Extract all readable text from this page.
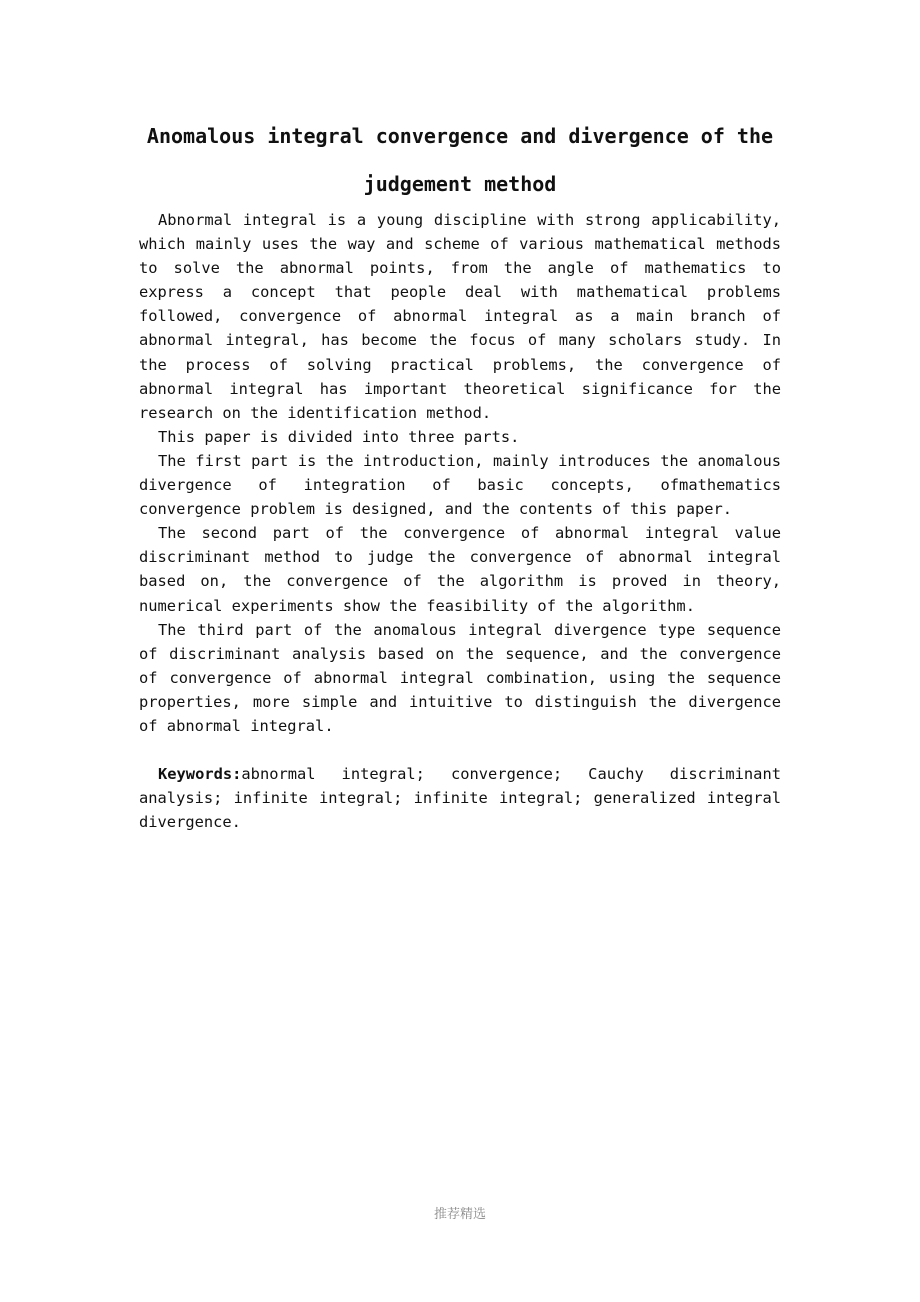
Anomalous integral convergence and divergence of the judgement method

Abnormal integral is a young discipline with strong applicability, which mainly uses the way and scheme of various mathematical methods to solve the abnormal points, from the angle of mathematics to express a concept that people deal with mathematical problems followed, convergence of abnormal integral as a main branch of abnormal integral, has become the focus of many scholars study. In the process of solving practical problems, the convergence of abnormal integral has important theoretical significance for the research on the identification method.

This paper is divided into three parts.

The first part is the introduction, mainly introduces the anomalous divergence of integration of basic concepts, ofmathematics convergence problem is designed, and the contents of this paper.

The second part of the convergence of abnormal integral value discriminant method to judge the convergence of abnormal integral based on, the convergence of the algorithm is proved in theory, numerical experiments show the feasibility of the algorithm.

The third part of the anomalous integral divergence type sequence of discriminant analysis based on the sequence, and the convergence of convergence of abnormal integral combination, using the sequence properties, more simple and intuitive to distinguish the divergence of abnormal integral.

Keywords:abnormal integral; convergence; Cauchy discriminant analysis; infinite integral; infinite integral; generalized integral divergence.

推荐精选
